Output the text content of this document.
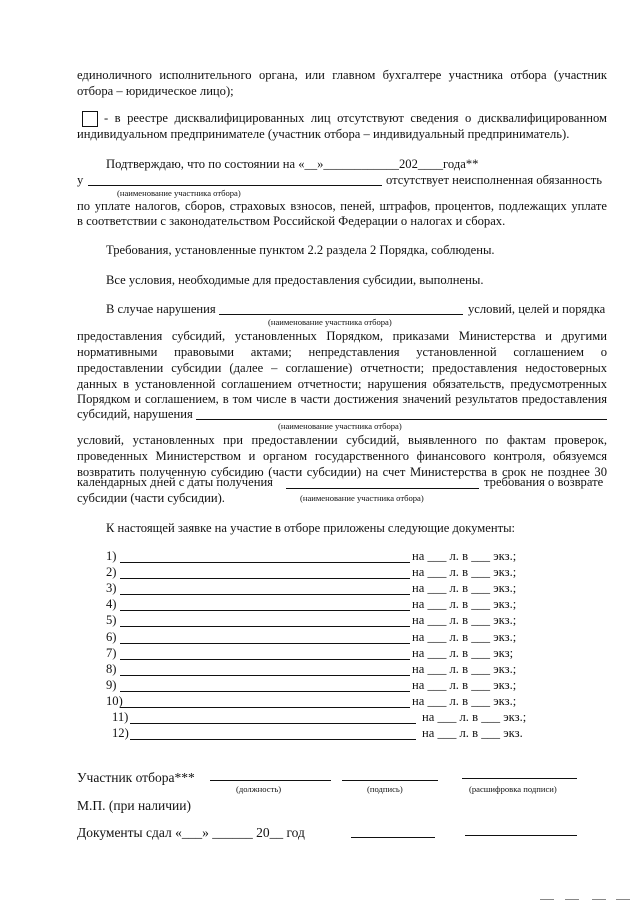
единоличного исполнительного органа, или главном бухгалтере участника отбора (участник
отбора – юридическое лицо);
- в реестре дисквалифицированных лиц отсутствуют сведения о дисквалифицированном
индивидуальном предпринимателе (участник отбора – индивидуальный предприниматель).
Подтверждаю, что по состоянии на «__»____________202____года**
у	отсутствует неисполненная обязанность
(наименование участника отбора)
по уплате налогов, сборов, страховых взносов, пеней, штрафов, процентов, подлежащих уплате
в соответствии с законодательством Российской Федерации о налогах и сборах.
Требования, установленные пунктом 2.2 раздела 2 Порядка, соблюдены.
Все условия, необходимые для предоставления субсидии, выполнены.
В случае нарушения	условий, целей и порядка
(наименование участника отбора)
предоставления субсидий, установленных Порядком, приказами Министерства и другими
нормативными правовыми актами; непредставления установленной соглашением о
предоставлении субсидии (далее – соглашение) отчетности; предоставления недостоверных
данных в установленной соглашением отчетности; нарушения обязательств, предусмотренных
Порядком и соглашением, в том числе в части достижения значений результатов предоставления
субсидий, нарушения
(наименование участника отбора)
условий, установленных при предоставлении субсидий, выявленного по фактам проверок,
проведенных Министерством и органом государственного финансового контроля, обязуемся
возвратить полученную субсидию (части субсидии) на счет Министерства в срок не позднее 30
календарных дней с даты получения	требования о возврате
субсидии (части субсидии).	(наименование участника отбора)
К настоящей заявке на участие в отборе приложены следующие документы:
1)	на ___ л. в ___ экз.;
2)	на ___ л. в ___ экз.;
3)	на ___ л. в ___ экз.;
4)	на ___ л. в ___ экз.;
5)	на ___ л. в ___ экз.;
6)	на ___ л. в ___ экз.;
7)	на ___ л. в ___ экз;
8)	на ___ л. в ___ экз.;
9)	на ___ л. в ___ экз.;
10)	на ___ л. в ___ экз.;
11)	на ___ л. в ___ экз.;
12)	на ___ л. в ___ экз.
Участник отбора***
(должность)	(подпись)	(расшифровка подписи)
М.П. (при наличии)
Документы сдал «___» ______ 20__ год
